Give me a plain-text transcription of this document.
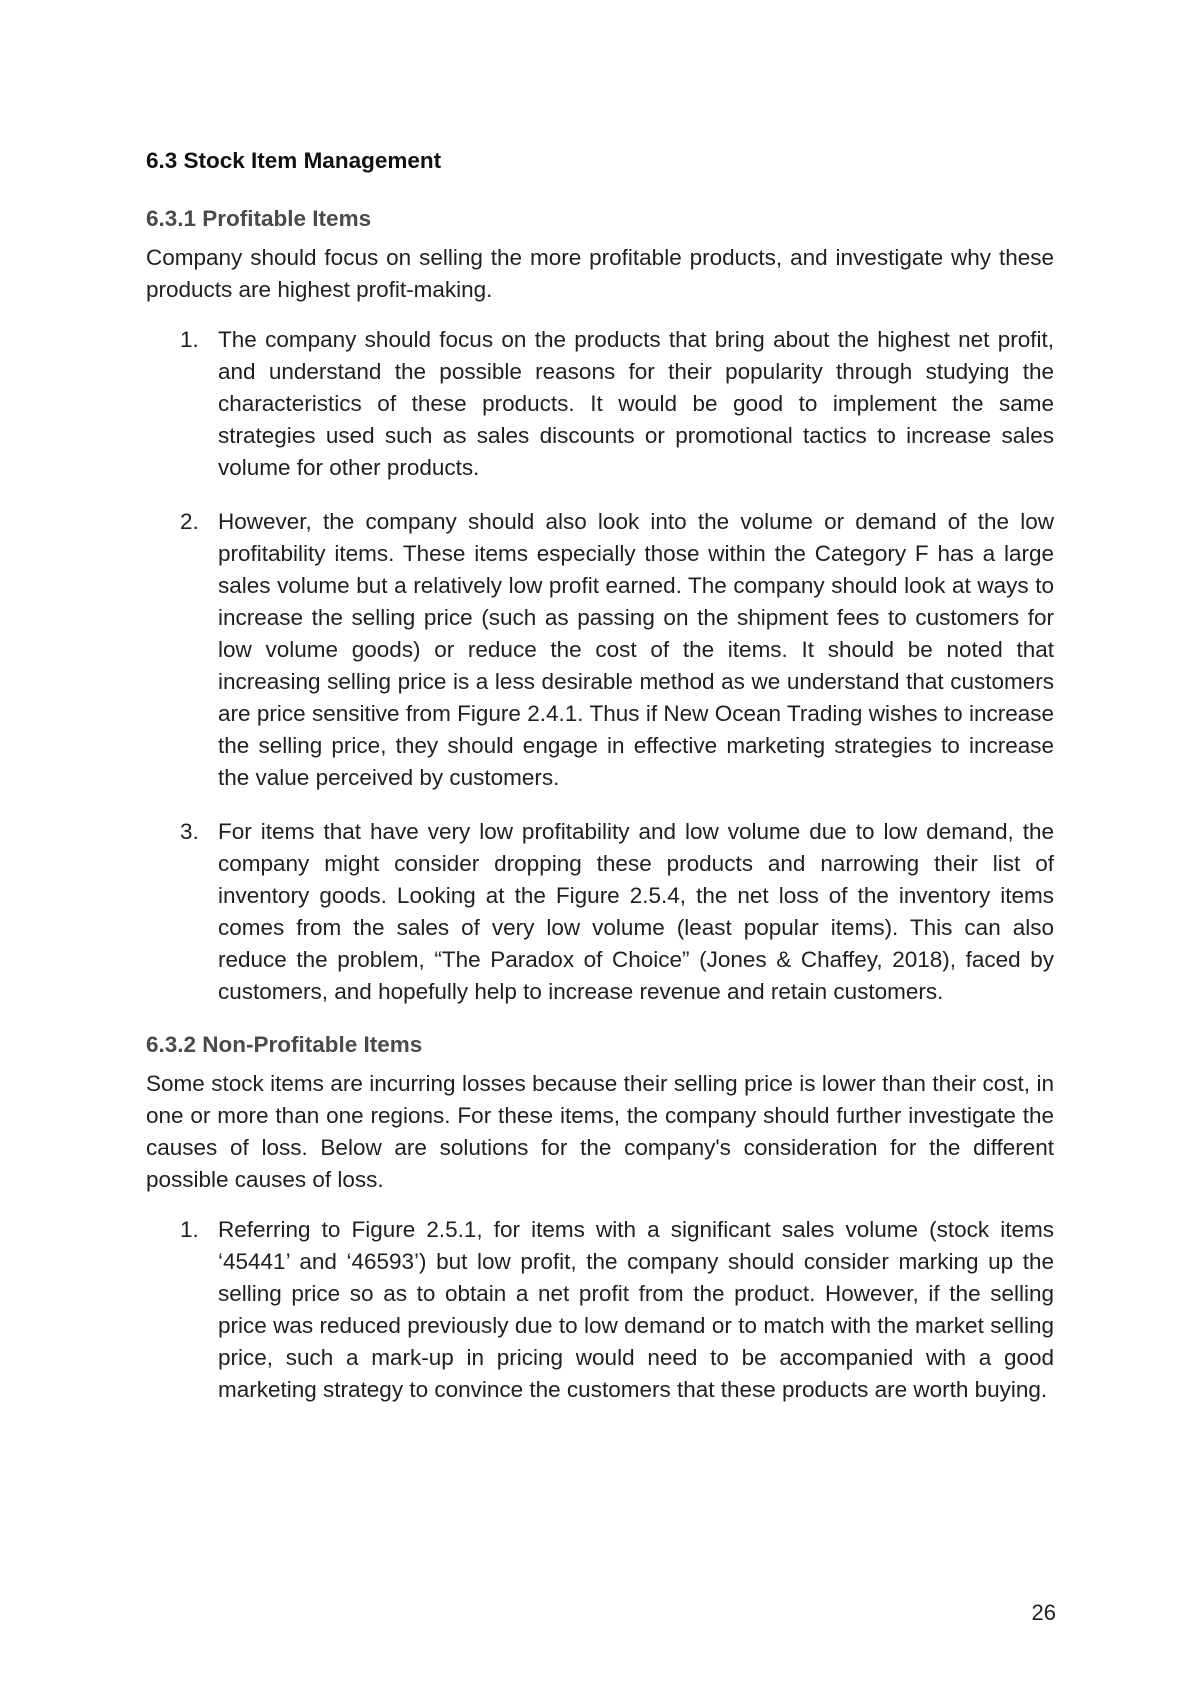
6.3 Stock Item Management
6.3.1 Profitable Items

Company should focus on selling the more profitable products, and investigate why these products are highest profit-making.

1. The company should focus on the products that bring about the highest net profit, and understand the possible reasons for their popularity through studying the characteristics of these products. It would be good to implement the same strategies used such as sales discounts or promotional tactics to increase sales volume for other products.
2. However, the company should also look into the volume or demand of the low profitability items. These items especially those within the Category F has a large sales volume but a relatively low profit earned. The company should look at ways to increase the selling price (such as passing on the shipment fees to customers for low volume goods) or reduce the cost of the items. It should be noted that increasing selling price is a less desirable method as we understand that customers are price sensitive from Figure 2.4.1. Thus if New Ocean Trading wishes to increase the selling price, they should engage in effective marketing strategies to increase the value perceived by customers.
3. For items that have very low profitability and low volume due to low demand, the company might consider dropping these products and narrowing their list of inventory goods. Looking at the Figure 2.5.4, the net loss of the inventory items comes from the sales of very low volume (least popular items). This can also reduce the problem, “The Paradox of Choice” (Jones & Chaffey, 2018), faced by customers, and hopefully help to increase revenue and retain customers.
6.3.2 Non-Profitable Items

Some stock items are incurring losses because their selling price is lower than their cost, in one or more than one regions. For these items, the company should further investigate the causes of loss. Below are solutions for the company's consideration for the different possible causes of loss.

1. Referring to Figure 2.5.1, for items with a significant sales volume (stock items ‘45441’ and ‘46593’) but low profit, the company should consider marking up the selling price so as to obtain a net profit from the product. However, if the selling price was reduced previously due to low demand or to match with the market selling price, such a mark-up in pricing would need to be accompanied with a good marketing strategy to convince the customers that these products are worth buying.
26
